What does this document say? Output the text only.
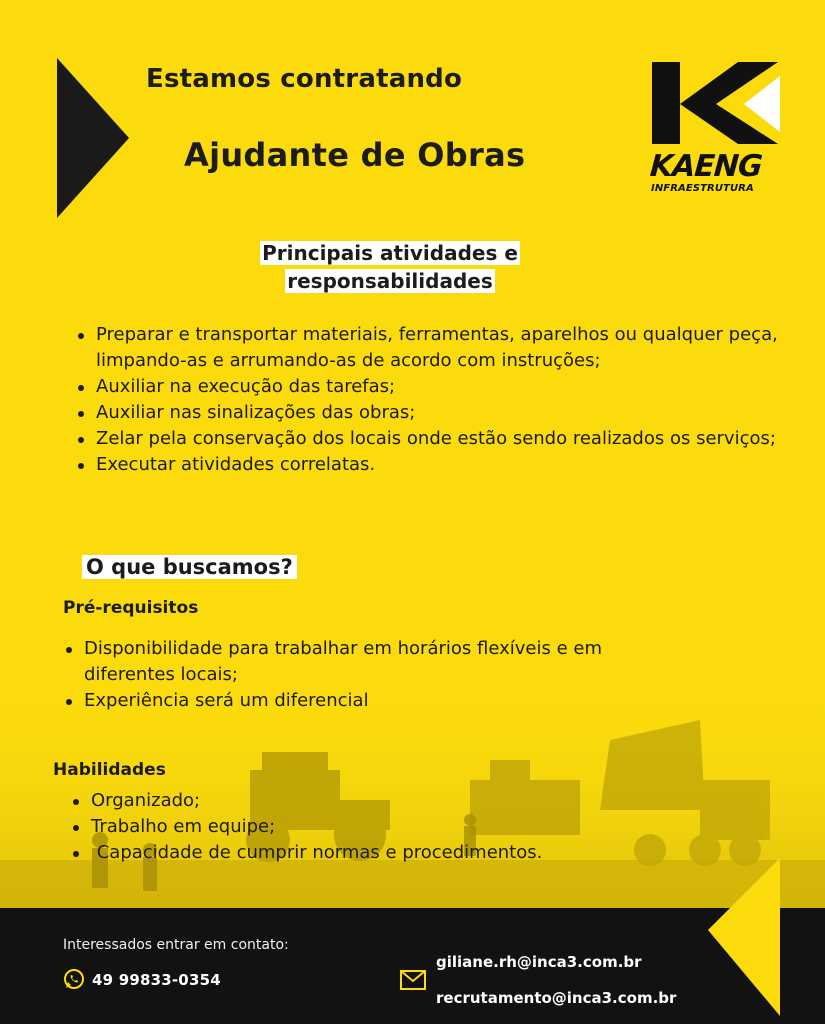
Estamos contratando
Ajudante de Obras	KAENG
INFRAESTRUTURA
Principais atividades e
responsabilidades
Preparar e transportar materiais, ferramentas, aparelhos ou qualquer peça, limpando-as e arrumando-as de acordo com instruções;
Auxiliar na execução das tarefas;
Auxiliar nas sinalizações das obras;
Zelar pela conservação dos locais onde estão sendo realizados os serviços;
Executar atividades correlatas.
O que buscamos?
Pré-requisitos
Disponibilidade para trabalhar em horários flexíveis e em diferentes locais;
Experiência será um diferencial
Habilidades
Organizado;
Trabalho em equipe;
Capacidade de cumprir normas e procedimentos.
Interessados entrar em contato:
49 99833-0354
giliane.rh@inca3.com.br
recrutamento@inca3.com.br
